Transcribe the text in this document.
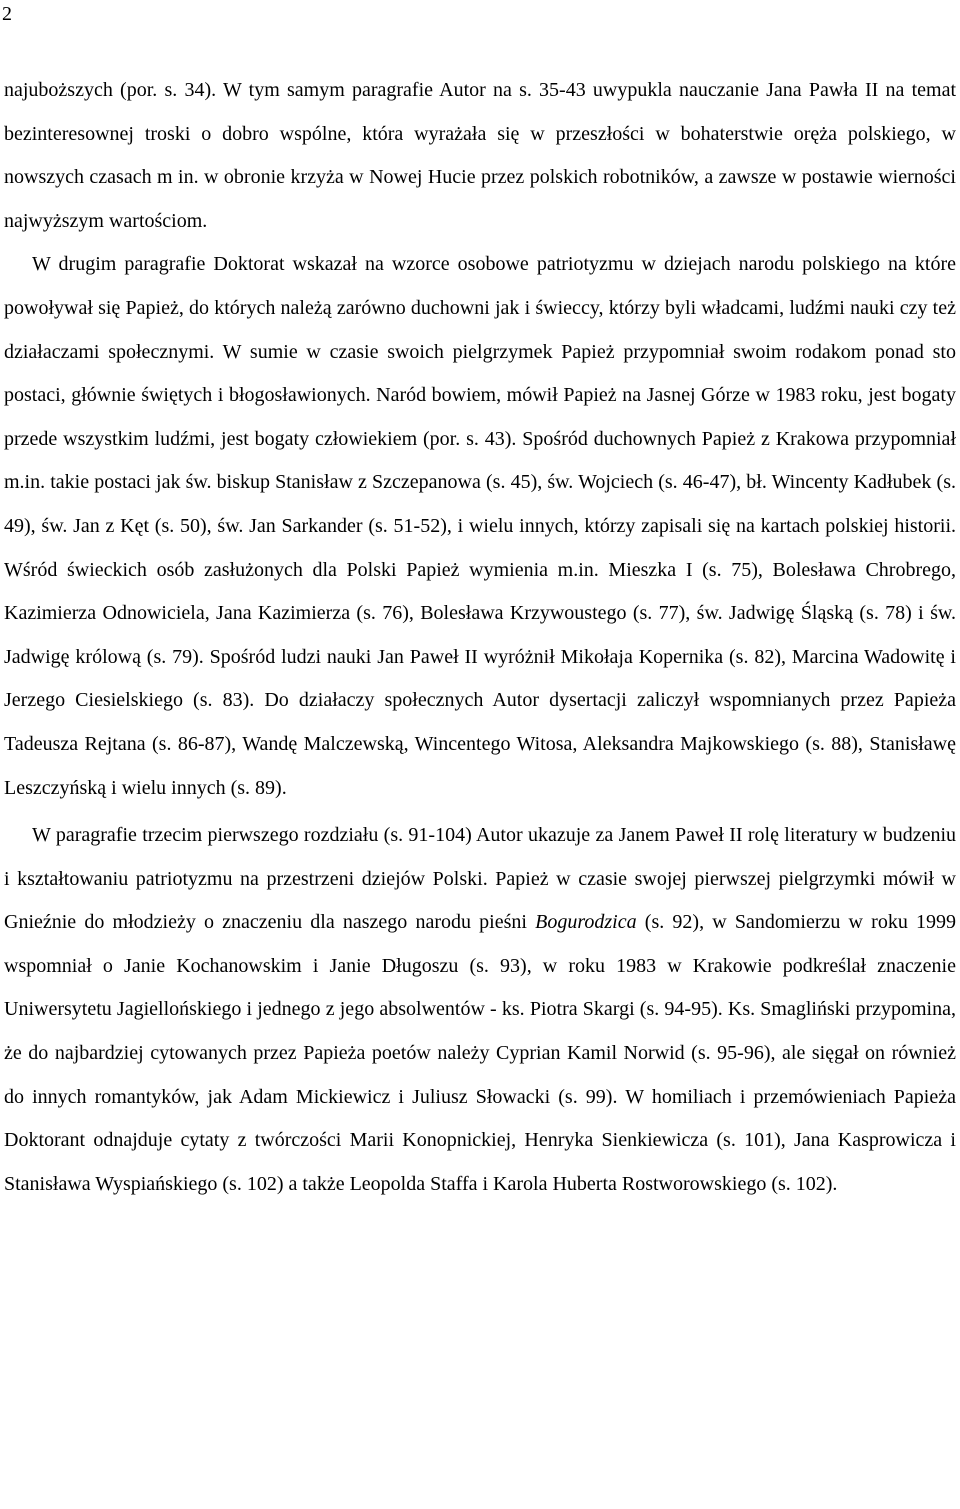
2

najuboższych (por. s. 34). W tym samym paragrafie Autor na s. 35-43 uwypukla nauczanie Jana Pawła II na temat bezinteresownej troski o dobro wspólne, która wyrażała się w przeszłości w bohaterstwie oręża polskiego, w nowszych czasach m in. w obronie krzyża w Nowej Hucie przez polskich robotników, a zawsze w postawie wierności najwyższym wartościom.

W drugim paragrafie Doktorat wskazał na wzorce osobowe patriotyzmu w dziejach narodu polskiego na które powoływał się Papież, do których należą zarówno duchowni jak i świeccy, którzy byli władcami, ludźmi nauki czy też działaczami społecznymi. W sumie w czasie swoich pielgrzymek Papież przypomniał swoim rodakom ponad sto postaci, głównie świętych i błogosławionych. Naród bowiem, mówił Papież na Jasnej Górze w 1983 roku, jest bogaty przede wszystkim ludźmi, jest bogaty człowiekiem (por. s. 43). Spośród duchownych Papież z Krakowa przypomniał m.in. takie postaci jak św. biskup Stanisław z Szczepanowa (s. 45), św. Wojciech (s. 46-47), bł. Wincenty Kadłubek (s. 49), św. Jan z Kęt (s. 50), św. Jan Sarkander (s. 51-52), i wielu innych, którzy zapisali się na kartach polskiej historii. Wśród świeckich osób zasłużonych dla Polski Papież wymienia m.in. Mieszka I (s. 75), Bolesława Chrobrego, Kazimierza Odnowiciela, Jana Kazimierza (s. 76), Bolesława Krzywoustego (s. 77), św. Jadwigę Śląską (s. 78) i św. Jadwigę królową (s. 79). Spośród ludzi nauki Jan Paweł II wyróżnił Mikołaja Kopernika (s. 82), Marcina Wadowitę i Jerzego Ciesielskiego (s. 83). Do działaczy społecznych Autor dysertacji zaliczył wspomnianych przez Papieża Tadeusza Rejtana (s. 86-87), Wandę Malczewską, Wincentego Witosa, Aleksandra Majkowskiego (s. 88), Stanisławę Leszczyńską i wielu innych (s. 89).

W paragrafie trzecim pierwszego rozdziału (s. 91-104) Autor ukazuje za Janem Paweł II rolę literatury w budzeniu i kształtowaniu patriotyzmu na przestrzeni dziejów Polski. Papież w czasie swojej pierwszej pielgrzymki mówił w Gnieźnie do młodzieży o znaczeniu dla naszego narodu pieśni Bogurodzica (s. 92), w Sandomierzu w roku 1999 wspomniał o Janie Kochanowskim i Janie Długoszu (s. 93), w roku 1983 w Krakowie podkreślał znaczenie Uniwersytetu Jagiellońskiego i jednego z jego absolwentów - ks. Piotra Skargi (s. 94-95). Ks. Smagliński przypomina, że do najbardziej cytowanych przez Papieża poetów należy Cyprian Kamil Norwid (s. 95-96), ale sięgał on również do innych romantyków, jak Adam Mickiewicz i Juliusz Słowacki (s. 99). W homiliach i przemówieniach Papieża Doktorant odnajduje cytaty z twórczości Marii Konopnickiej, Henryka Sienkiewicza (s. 101), Jana Kasprowicza i Stanisława Wyspiańskiego (s. 102) a także Leopolda Staffa i Karola Huberta Rostworowskiego (s. 102).
